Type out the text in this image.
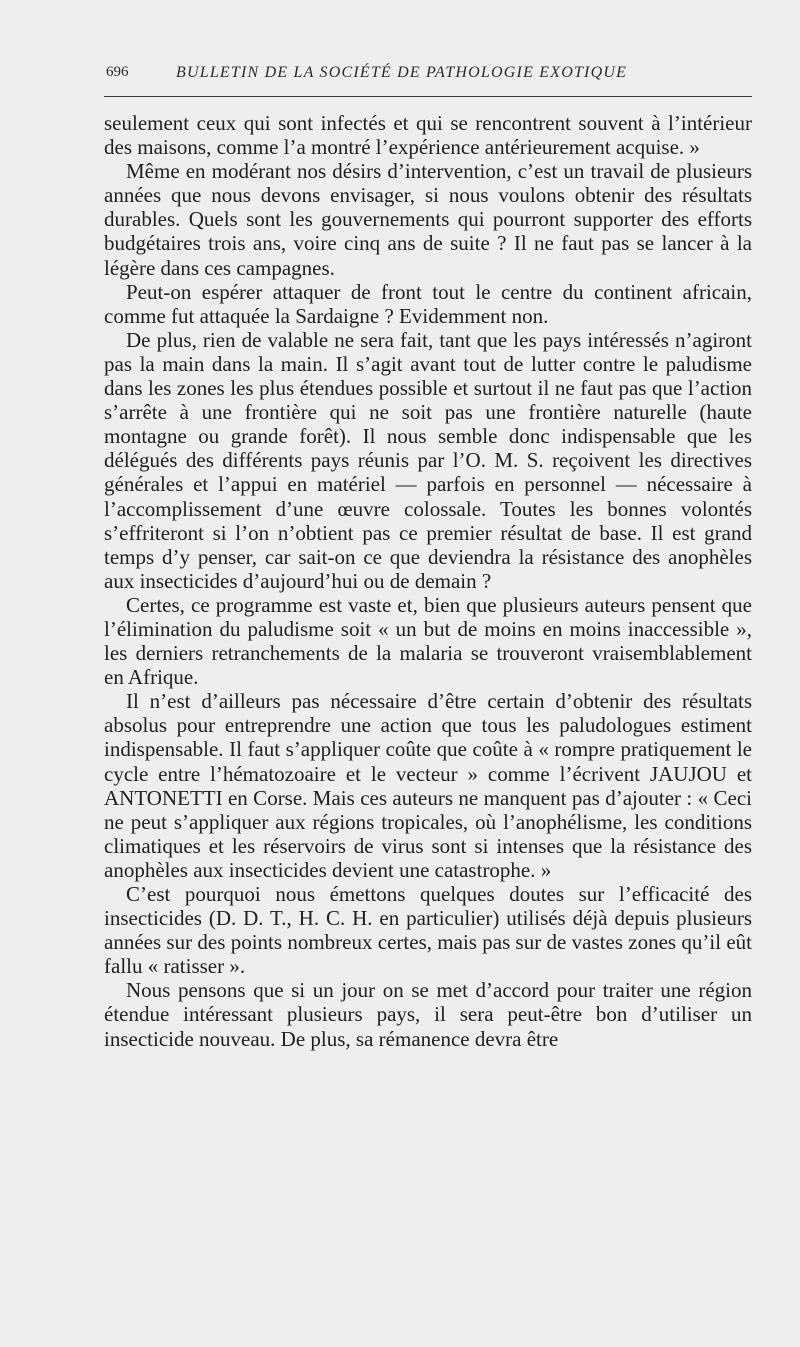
696	BULLETIN DE LA SOCIÉTÉ DE PATHOLOGIE EXOTIQUE

seulement ceux qui sont infectés et qui se rencontrent souvent à l’intérieur des maisons, comme l’a montré l’expérience antérieurement acquise. »

Même en modérant nos désirs d’intervention, c’est un travail de plusieurs années que nous devons envisager, si nous voulons obtenir des résultats durables. Quels sont les gouvernements qui pourront supporter des efforts budgétaires trois ans, voire cinq ans de suite ? Il ne faut pas se lancer à la légère dans ces campagnes.

Peut-on espérer attaquer de front tout le centre du continent africain, comme fut attaquée la Sardaigne ? Evidemment non.

De plus, rien de valable ne sera fait, tant que les pays intéressés n’agiront pas la main dans la main. Il s’agit avant tout de lutter contre le paludisme dans les zones les plus étendues possible et surtout il ne faut pas que l’action s’arrête à une frontière qui ne soit pas une frontière naturelle (haute montagne ou grande forêt). Il nous semble donc indispensable que les délégués des différents pays réunis par l’O. M. S. reçoivent les directives générales et l’appui en matériel — parfois en personnel — nécessaire à l’accomplissement d’une œuvre colossale. Toutes les bonnes volontés s’effriteront si l’on n’obtient pas ce premier résultat de base. Il est grand temps d’y penser, car sait-on ce que deviendra la résistance des anophèles aux insecticides d’aujourd’hui ou de demain ?

Certes, ce programme est vaste et, bien que plusieurs auteurs pensent que l’élimination du paludisme soit « un but de moins en moins inaccessible », les derniers retranchements de la malaria se trouveront vraisemblablement en Afrique.

Il n’est d’ailleurs pas nécessaire d’être certain d’obtenir des résultats absolus pour entreprendre une action que tous les paludologues estiment indispensable. Il faut s’appliquer coûte que coûte à « rompre pratiquement le cycle entre l’hématozoaire et le vecteur » comme l’écrivent JAUJOU et ANTONETTI en Corse. Mais ces auteurs ne manquent pas d’ajouter : « Ceci ne peut s’appliquer aux régions tropicales, où l’anophélisme, les conditions climatiques et les réservoirs de virus sont si intenses que la résistance des anophèles aux insecticides devient une catastrophe. »

C’est pourquoi nous émettons quelques doutes sur l’efficacité des insecticides (D. D. T., H. C. H. en particulier) utilisés déjà depuis plusieurs années sur des points nombreux certes, mais pas sur de vastes zones qu’il eût fallu « ratisser ».

Nous pensons que si un jour on se met d’accord pour traiter une région étendue intéressant plusieurs pays, il sera peut-être bon d’utiliser un insecticide nouveau. De plus, sa rémanence devra être
